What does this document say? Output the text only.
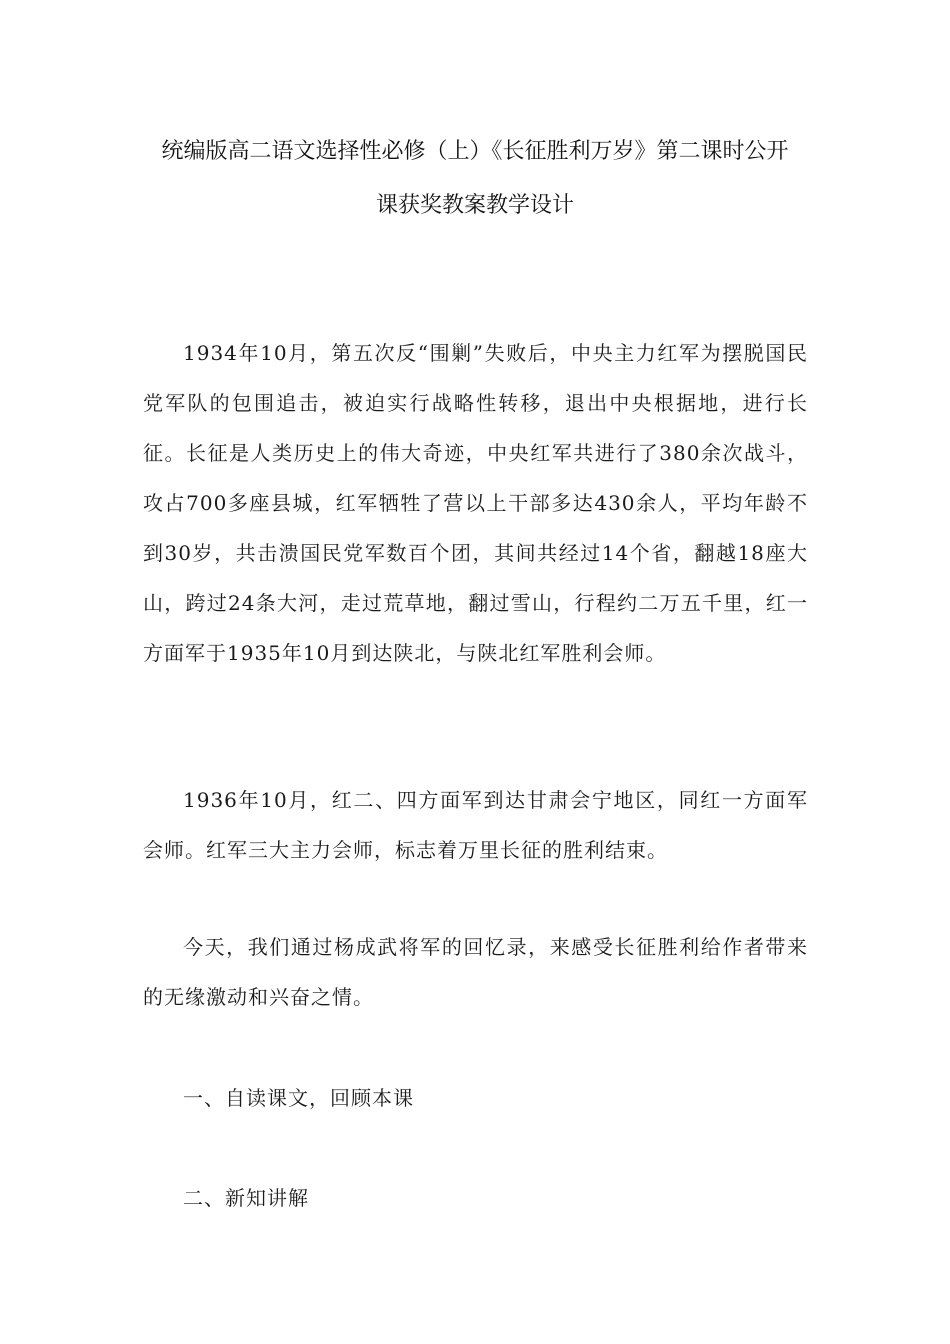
统编版高二语文选择性必修（上）《长征胜利万岁》第二课时公开
课获奖教案教学设计

1934年10月，第五次反“围剿”失败后，中央主力红军为摆脱国民党军队的包围追击，被迫实行战略性转移，退出中央根据地，进行长征。长征是人类历史上的伟大奇迹，中央红军共进行了380余次战斗，攻占700多座县城，红军牺牲了营以上干部多达430余人，平均年龄不到30岁，共击溃国民党军数百个团，其间共经过14个省，翻越18座大山，跨过24条大河，走过荒草地，翻过雪山，行程约二万五千里，红一方面军于1935年10月到达陕北，与陕北红军胜利会师。

1936年10月，红二、四方面军到达甘肃会宁地区，同红一方面军会师。红军三大主力会师，标志着万里长征的胜利结束。

今天，我们通过杨成武将军的回忆录，来感受长征胜利给作者带来的无缘激动和兴奋之情。

一、自读课文，回顾本课

二、新知讲解
